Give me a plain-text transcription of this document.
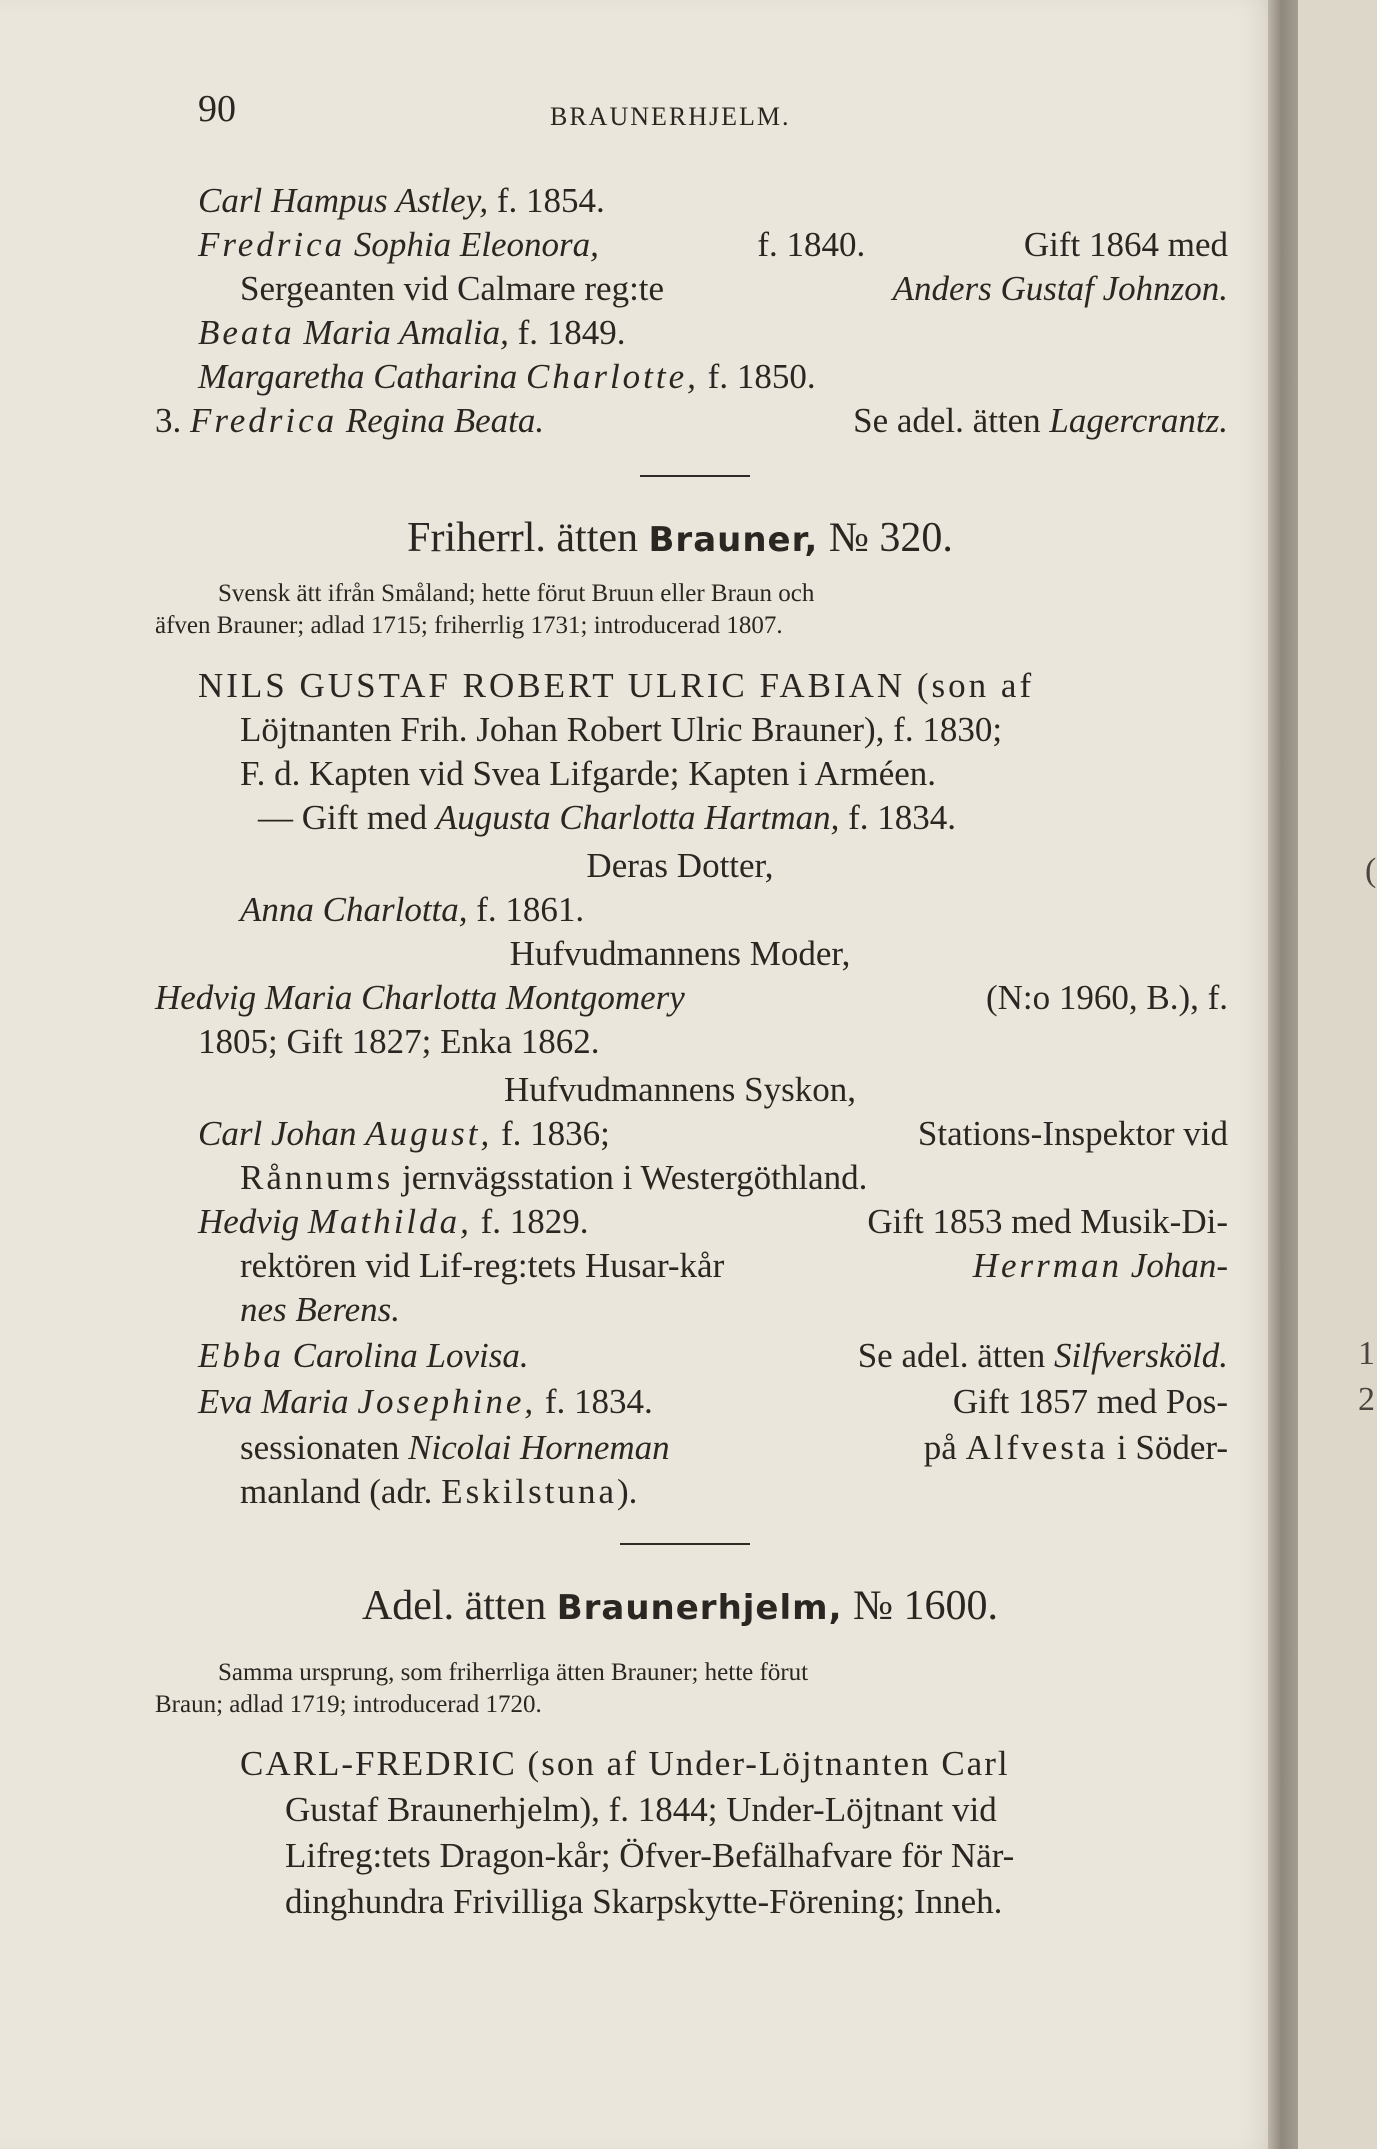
(
1
2
90	BRAUNERHJELM.
Carl Hampus Astley, f. 1854.
Fredrica Sophia Eleonora,	f. 1840.	Gift 1864 med
Sergeanten vid Calmare reg:te	Anders Gustaf Johnzon.
Beata Maria Amalia, f. 1849.
Margaretha Catharina Charlotte, f. 1850.
3. Fredrica Regina Beata.	Se adel. ätten Lagercrantz.
Friherrl. ätten Brauner, № 320.
Svensk ätt ifrån Småland; hette förut Bruun eller Braun och
äfven Brauner; adlad 1715; friherrlig 1731; introducerad 1807.
NILS GUSTAF ROBERT ULRIC FABIAN (son af
Löjtnanten Frih. Johan Robert Ulric Brauner), f. 1830;
F. d. Kapten vid Svea Lifgarde; Kapten i Arméen.
— Gift med Augusta Charlotta Hartman, f. 1834.
Deras Dotter,
Anna Charlotta, f. 1861.
Hufvudmannens Moder,
Hedvig Maria Charlotta Montgomery	(N:o 1960, B.), f.
1805; Gift 1827; Enka 1862.
Hufvudmannens Syskon,
Carl Johan August, f. 1836;	Stations-Inspektor vid
Rånnums jernvägsstation i Westergöthland.
Hedvig Mathilda, f. 1829.	Gift 1853 med Musik-Di-
rektören vid Lif-reg:tets Husar-kår	Herrman Johan-
nes Berens.
Ebba Carolina Lovisa.	Se adel. ätten Silfversköld.
Eva Maria Josephine, f. 1834.	Gift 1857 med Pos-
sessionaten Nicolai Horneman	på Alfvesta i Söder-
manland (adr. Eskilstuna).
Adel. ätten Braunerhjelm, № 1600.
Samma ursprung, som friherrliga ätten Brauner; hette förut
Braun; adlad 1719; introducerad 1720.
CARL-FREDRIC (son af Under-Löjtnanten Carl
Gustaf Braunerhjelm), f. 1844; Under-Löjtnant vid
Lifreg:tets Dragon-kår; Öfver-Befälhafvare för När-
dinghundra Frivilliga Skarpskytte-Förening; Inneh.
